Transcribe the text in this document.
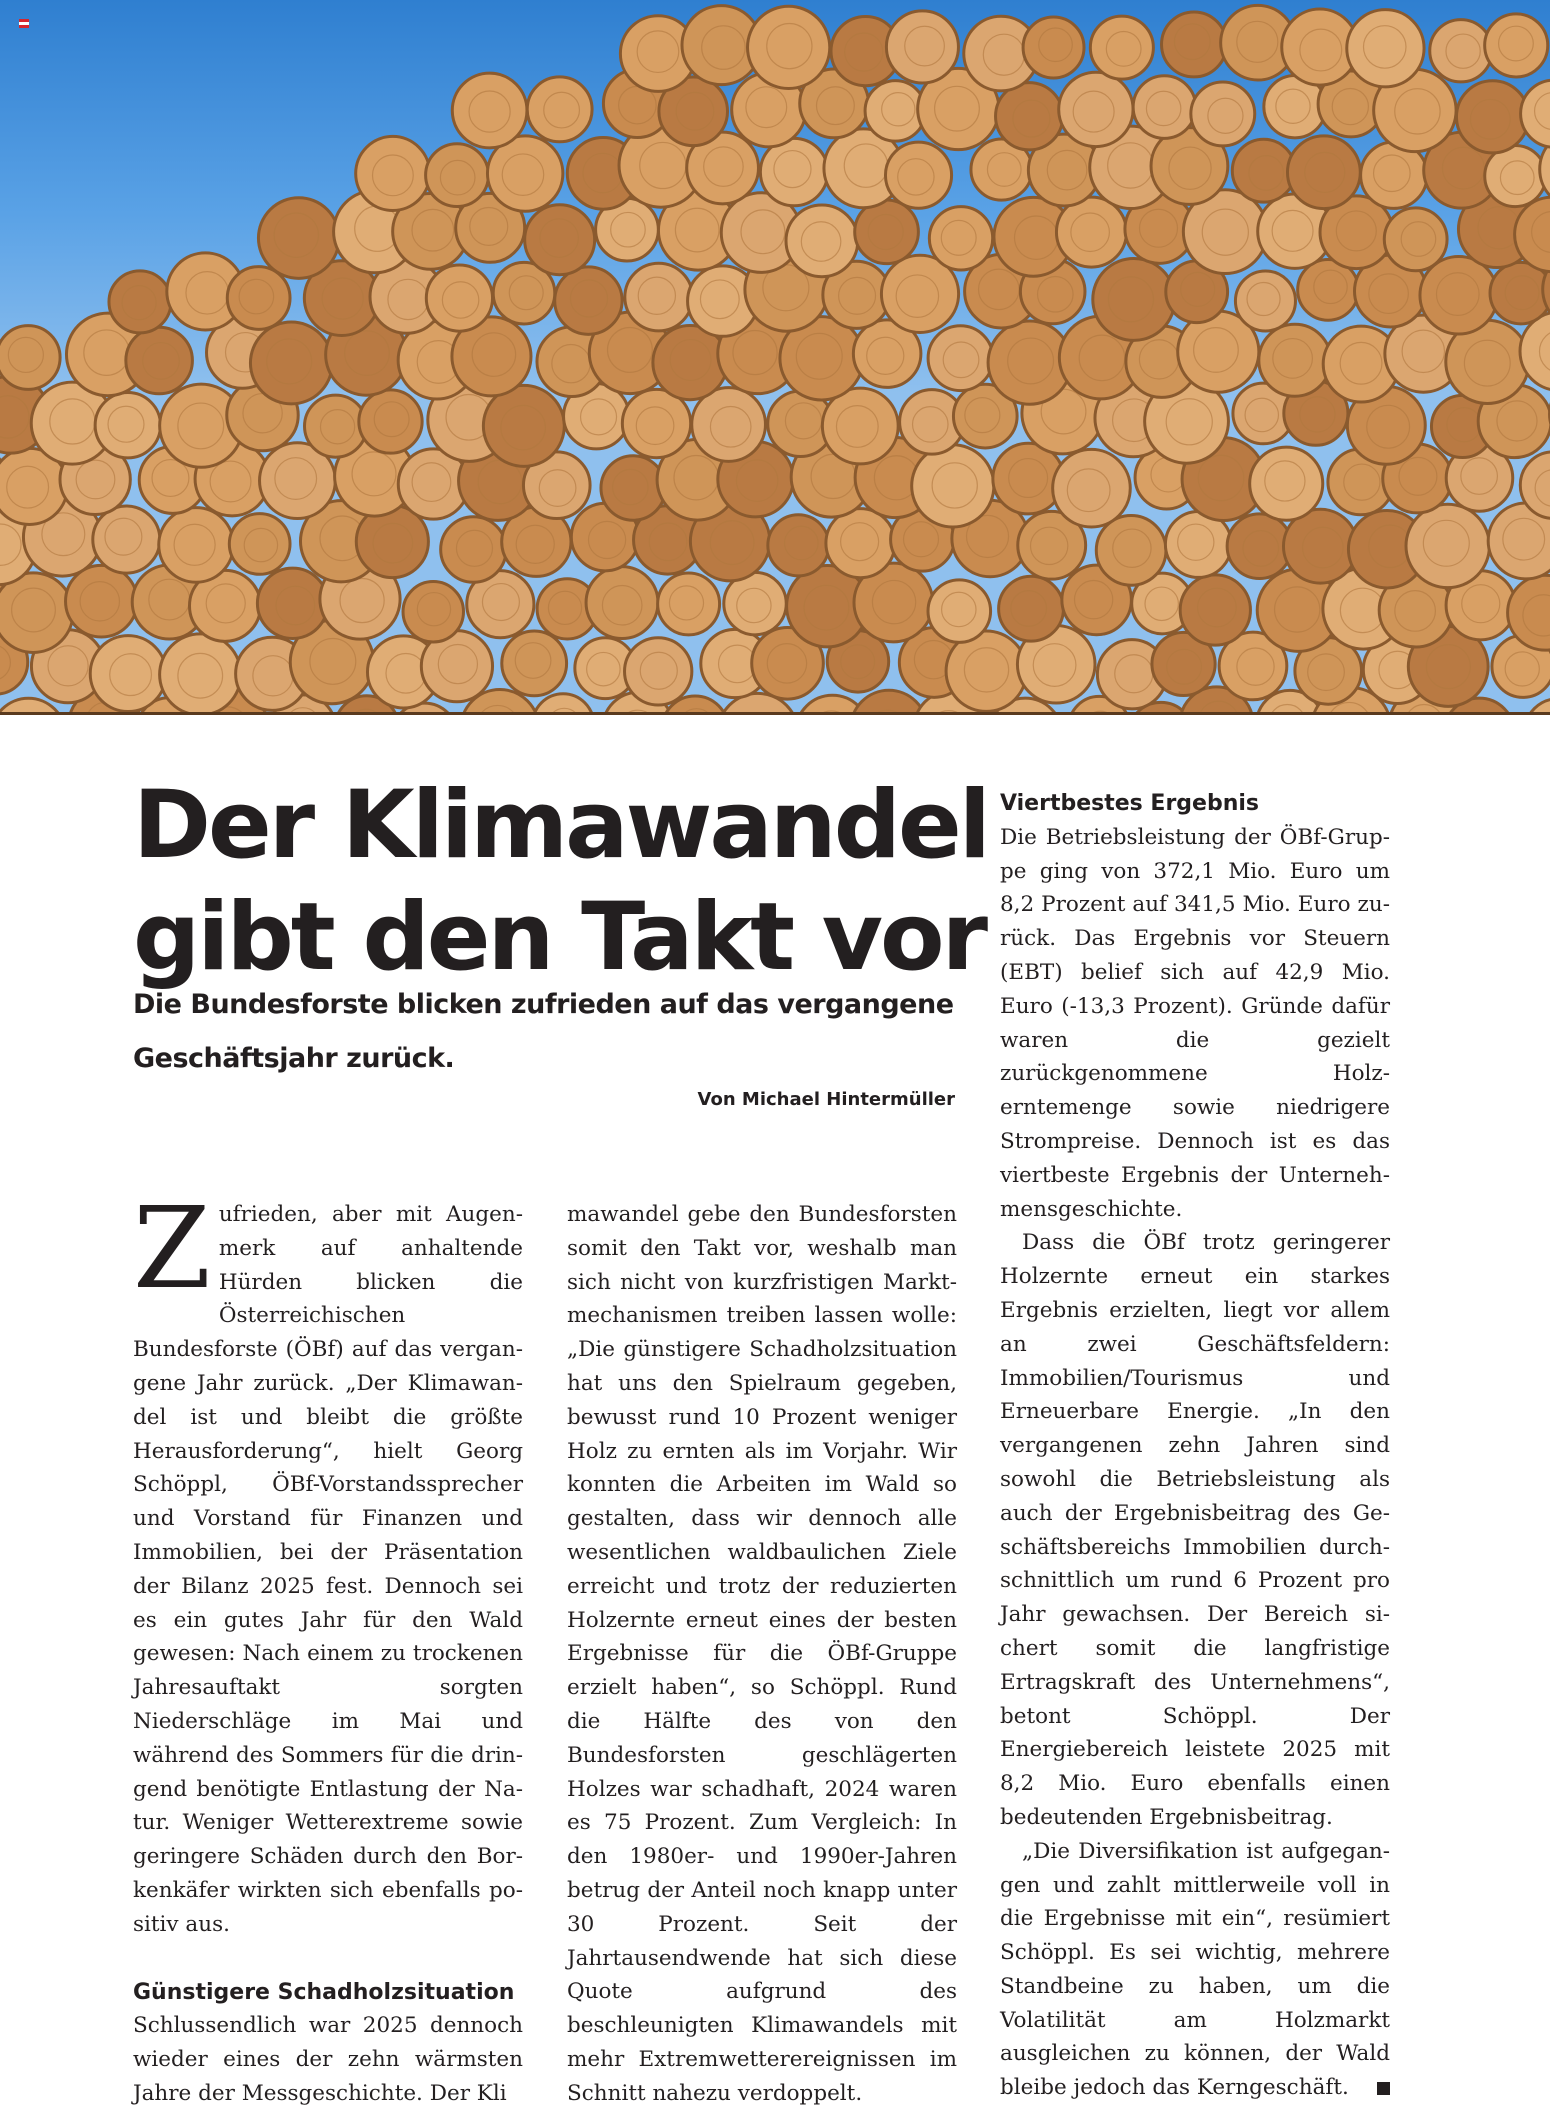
Der Klimawandel
gibt den Takt vor
Die Bundesforste blicken zufrieden auf das vergangene
Geschäftsjahr zurück.

Von Michael Hintermüller

Zufrieden, aber mit Augenmerk auf anhaltende Hürden blicken die Österreichischen Bundesforste (ÖBf) auf das vergangene Jahr zurück. „Der Klimawandel ist und bleibt die größte Herausforderung“, hielt Georg Schöppl, ÖBf-Vorstandssprecher und Vorstand für Finanzen und Immobilien, bei der Präsentation der Bilanz 2025 fest. Dennoch sei es ein gutes Jahr für den Wald gewesen: Nach einem zu trockenen Jahresauftakt sorgten Niederschläge im Mai und während des Sommers für die dringend benötigte Entlastung der Natur. Weniger Wetterextreme sowie geringere Schäden durch den Borkenkäfer wirkten sich ebenfalls positiv aus.

Günstigere Schadholzsituation

Schlussendlich war 2025 dennoch wieder eines der zehn wärmsten Jahre der Messgeschichte. Der Kli

mawandel gebe den Bundesforsten somit den Takt vor, weshalb man sich nicht von kurzfristigen Marktmechanismen treiben lassen wolle: „Die günstigere Schadholzsituation hat uns den Spielraum gegeben, bewusst rund 10 Prozent weniger Holz zu ernten als im Vorjahr. Wir konnten die Arbeiten im Wald so gestalten, dass wir dennoch alle wesentlichen waldbaulichen Ziele erreicht und trotz der reduzierten Holzernte erneut eines der besten Ergebnisse für die ÖBf-Gruppe erzielt haben“, so Schöppl. Rund die Hälfte des von den Bundesforsten geschlägerten Holzes war schadhaft, 2024 waren es 75 Prozent. Zum Vergleich: In den 1980er- und 1990er-Jahren betrug der Anteil noch knapp unter 30 Prozent. Seit der Jahrtausendwende hat sich diese Quote aufgrund des beschleunigten Klimawandels mit mehr Extremwetterereignissen im Schnitt nahezu verdoppelt.

Viertbestes Ergebnis

Die Betriebsleistung der ÖBf-Gruppe ging von 372,1 Mio. Euro um 8,2 Prozent auf 341,5 Mio. Euro zurück. Das Ergebnis vor Steuern (EBT) belief sich auf 42,9 Mio. Euro (-13,3 Prozent). Gründe dafür waren die gezielt zurückgenommene Holzerntemenge sowie niedrigere Strompreise. Dennoch ist es das viertbeste Ergebnis der Unternehmensgeschichte.

Dass die ÖBf trotz geringerer Holzernte erneut ein starkes Ergebnis erzielten, liegt vor allem an zwei Geschäftsfeldern: Immobilien/Tourismus und Erneuerbare Energie. „In den vergangenen zehn Jahren sind sowohl die Betriebsleistung als auch der Ergebnisbeitrag des Geschäftsbereichs Immobilien durchschnittlich um rund 6 Prozent pro Jahr gewachsen. Der Bereich sichert somit die langfristige Ertragskraft des Unternehmens“, betont Schöppl. Der Energiebereich leistete 2025 mit 8,2 Mio. Euro ebenfalls einen bedeutenden Ergebnisbeitrag.

„Die Diversifikation ist aufgegangen und zahlt mittlerweile voll in die Ergebnisse mit ein“, resümiert Schöppl. Es sei wichtig, mehrere Standbeine zu haben, um die Volatilität am Holzmarkt ausgleichen zu können, der Wald bleibe jedoch das Kerngeschäft.
